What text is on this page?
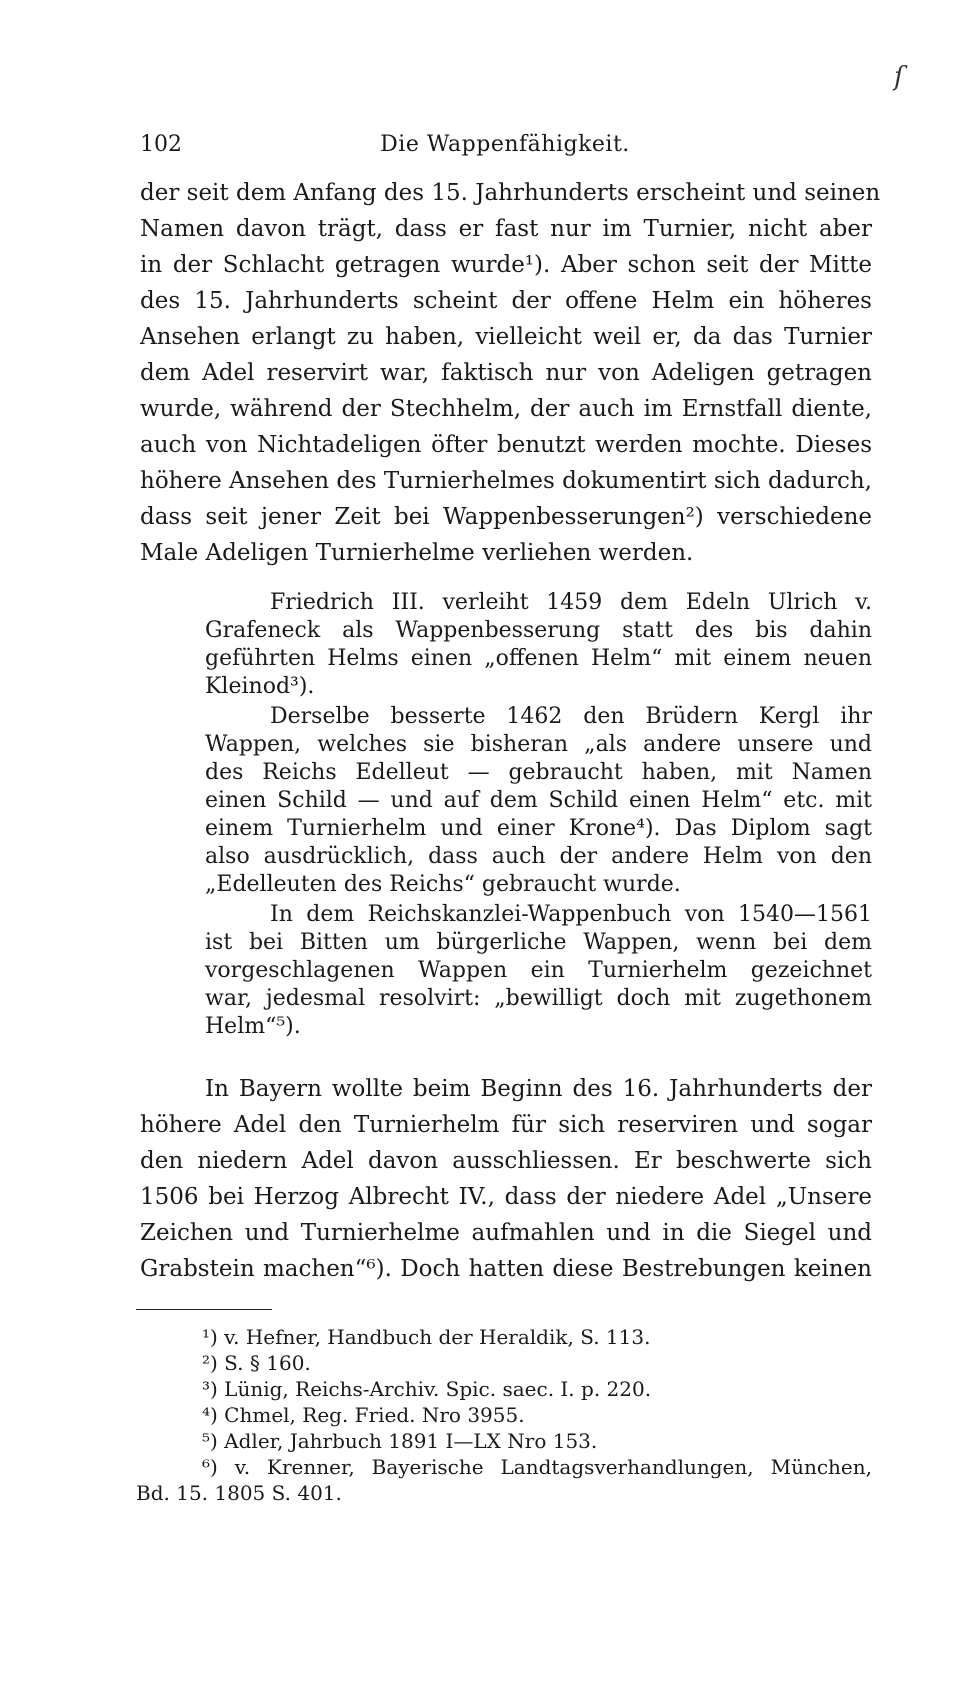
ſ
102	Die Wappenfähigkeit.
der seit dem Anfang des 15. Jahrhunderts erscheint und seinen
Namen davon trägt, dass er fast nur im Turnier, nicht aber
in der Schlacht getragen wurde¹). Aber schon seit der Mitte
des 15. Jahrhunderts scheint der offene Helm ein höheres
Ansehen erlangt zu haben, vielleicht weil er, da das Turnier
dem Adel reservirt war, faktisch nur von Adeligen getragen
wurde, während der Stechhelm, der auch im Ernstfall diente,
auch von Nichtadeligen öfter benutzt werden mochte. Dieses
höhere Ansehen des Turnierhelmes dokumentirt sich dadurch,
dass seit jener Zeit bei Wappenbesserungen²) verschiedene
Male Adeligen Turnierhelme verliehen werden.
Friedrich III. verleiht 1459 dem Edeln Ulrich v.
Grafeneck als Wappenbesserung statt des bis dahin
geführten Helms einen „offenen Helm“ mit einem neuen
Kleinod³).
Derselbe besserte 1462 den Brüdern Kergl ihr
Wappen, welches sie bisheran „als andere unsere und
des Reichs Edelleut — gebraucht haben, mit Namen
einen Schild — und auf dem Schild einen Helm“ etc. mit
einem Turnierhelm und einer Krone⁴). Das Diplom sagt
also ausdrücklich, dass auch der andere Helm von den
„Edelleuten des Reichs“ gebraucht wurde.
In dem Reichskanzlei-Wappenbuch von 1540—1561
ist bei Bitten um bürgerliche Wappen, wenn bei dem
vorgeschlagenen Wappen ein Turnierhelm gezeichnet
war, jedesmal resolvirt: „bewilligt doch mit zugethonem
Helm“⁵).
In Bayern wollte beim Beginn des 16. Jahrhunderts der
höhere Adel den Turnierhelm für sich reserviren und sogar
den niedern Adel davon ausschliessen. Er beschwerte sich
1506 bei Herzog Albrecht IV., dass der niedere Adel „Unsere
Zeichen und Turnierhelme aufmahlen und in die Siegel und
Grabstein machen“⁶). Doch hatten diese Bestrebungen keinen
¹) v. Hefner, Handbuch der Heraldik, S. 113.
²) S. § 160.
³) Lünig, Reichs-Archiv. Spic. saec. I. p. 220.
⁴) Chmel, Reg. Fried. Nro 3955.
⁵) Adler, Jahrbuch 1891 I—LX Nro 153.
⁶) v. Krenner, Bayerische Landtagsverhandlungen, München,
Bd. 15. 1805 S. 401.
